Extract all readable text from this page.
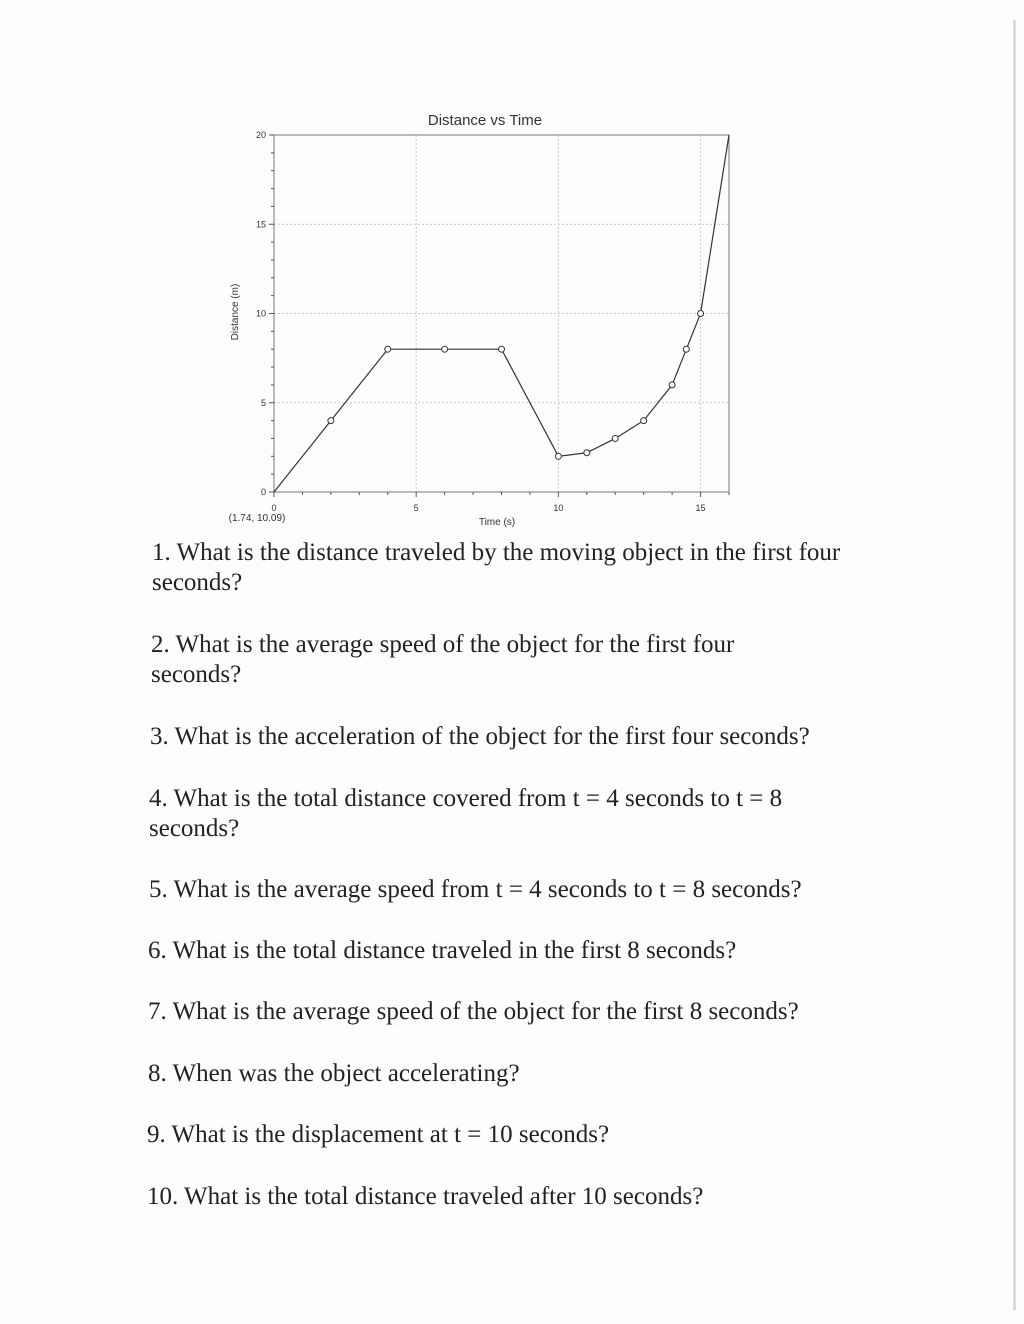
Distance vs Time
Distance (m)
Time (s)
(1.74, 10.09)
0	5	10	15
0
5
10
15
20

1. What is the distance traveled by the moving object in the first four
seconds?

2. What is the average speed of the object for the first four
seconds?

3. What is the acceleration of the object for the first four seconds?

4. What is the total distance covered from t = 4 seconds to t = 8
seconds?

5. What is the average speed from t = 4 seconds to t = 8 seconds?

6. What is the total distance traveled in the first 8 seconds?

7. What is the average speed of the object for the first 8 seconds?

8. When was the object accelerating?

9. What is the displacement at t = 10 seconds?

10. What is the total distance traveled after 10 seconds?
